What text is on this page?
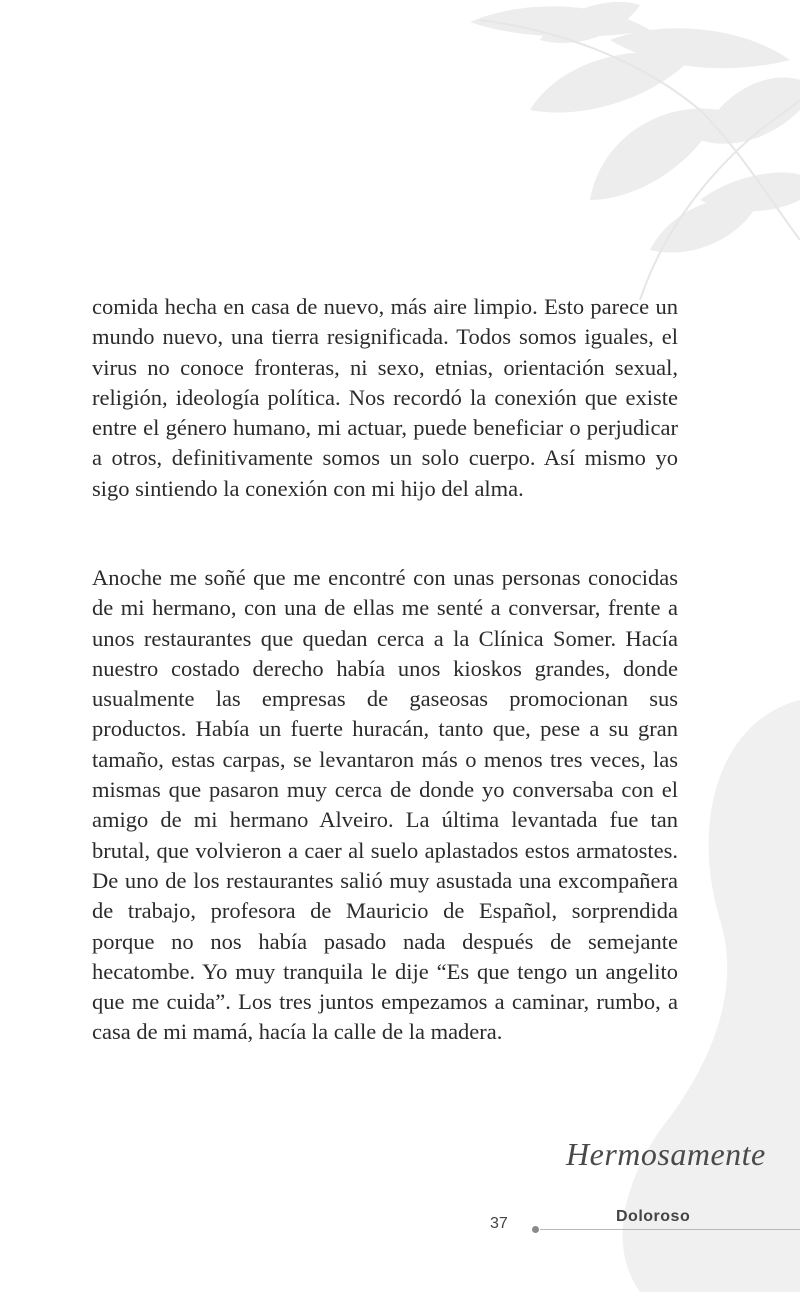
comida hecha en casa de nuevo, más aire limpio. Esto parece un mundo nuevo, una tierra resignificada. Todos somos iguales, el virus no conoce fronteras, ni sexo, etnias, orientación sexual, religión, ideología política. Nos recordó la conexión que existe entre el género humano, mi actuar, puede beneficiar o perjudicar a otros, definitivamente somos un solo cuerpo. Así mismo yo sigo sintiendo la conexión con mi hijo del alma.
Anoche me soñé que me encontré con unas personas conocidas de mi hermano, con una de ellas me senté a conversar, frente a unos restaurantes que quedan cerca a la Clínica Somer. Hacía nuestro costado derecho había unos kioskos grandes, donde usualmente las empresas de gaseosas promocionan sus productos. Había un fuerte huracán, tanto que, pese a su gran tamaño, estas carpas, se levantaron más o menos tres veces, las mismas que pasaron muy cerca de donde yo conversaba con el amigo de mi hermano Alveiro. La última levantada fue tan brutal, que volvieron a caer al suelo aplastados estos armatostes. De uno de los restaurantes salió muy asustada una excompañera de trabajo, profesora de Mauricio de Español, sorprendida porque no nos había pasado nada después de semejante hecatombe. Yo muy tranquila le dije “Es que tengo un angelito que me cuida”. Los tres juntos empezamos a caminar, rumbo, a casa de mi mamá, hacía la calle de la madera.
Hermosamente
Doloroso
37
